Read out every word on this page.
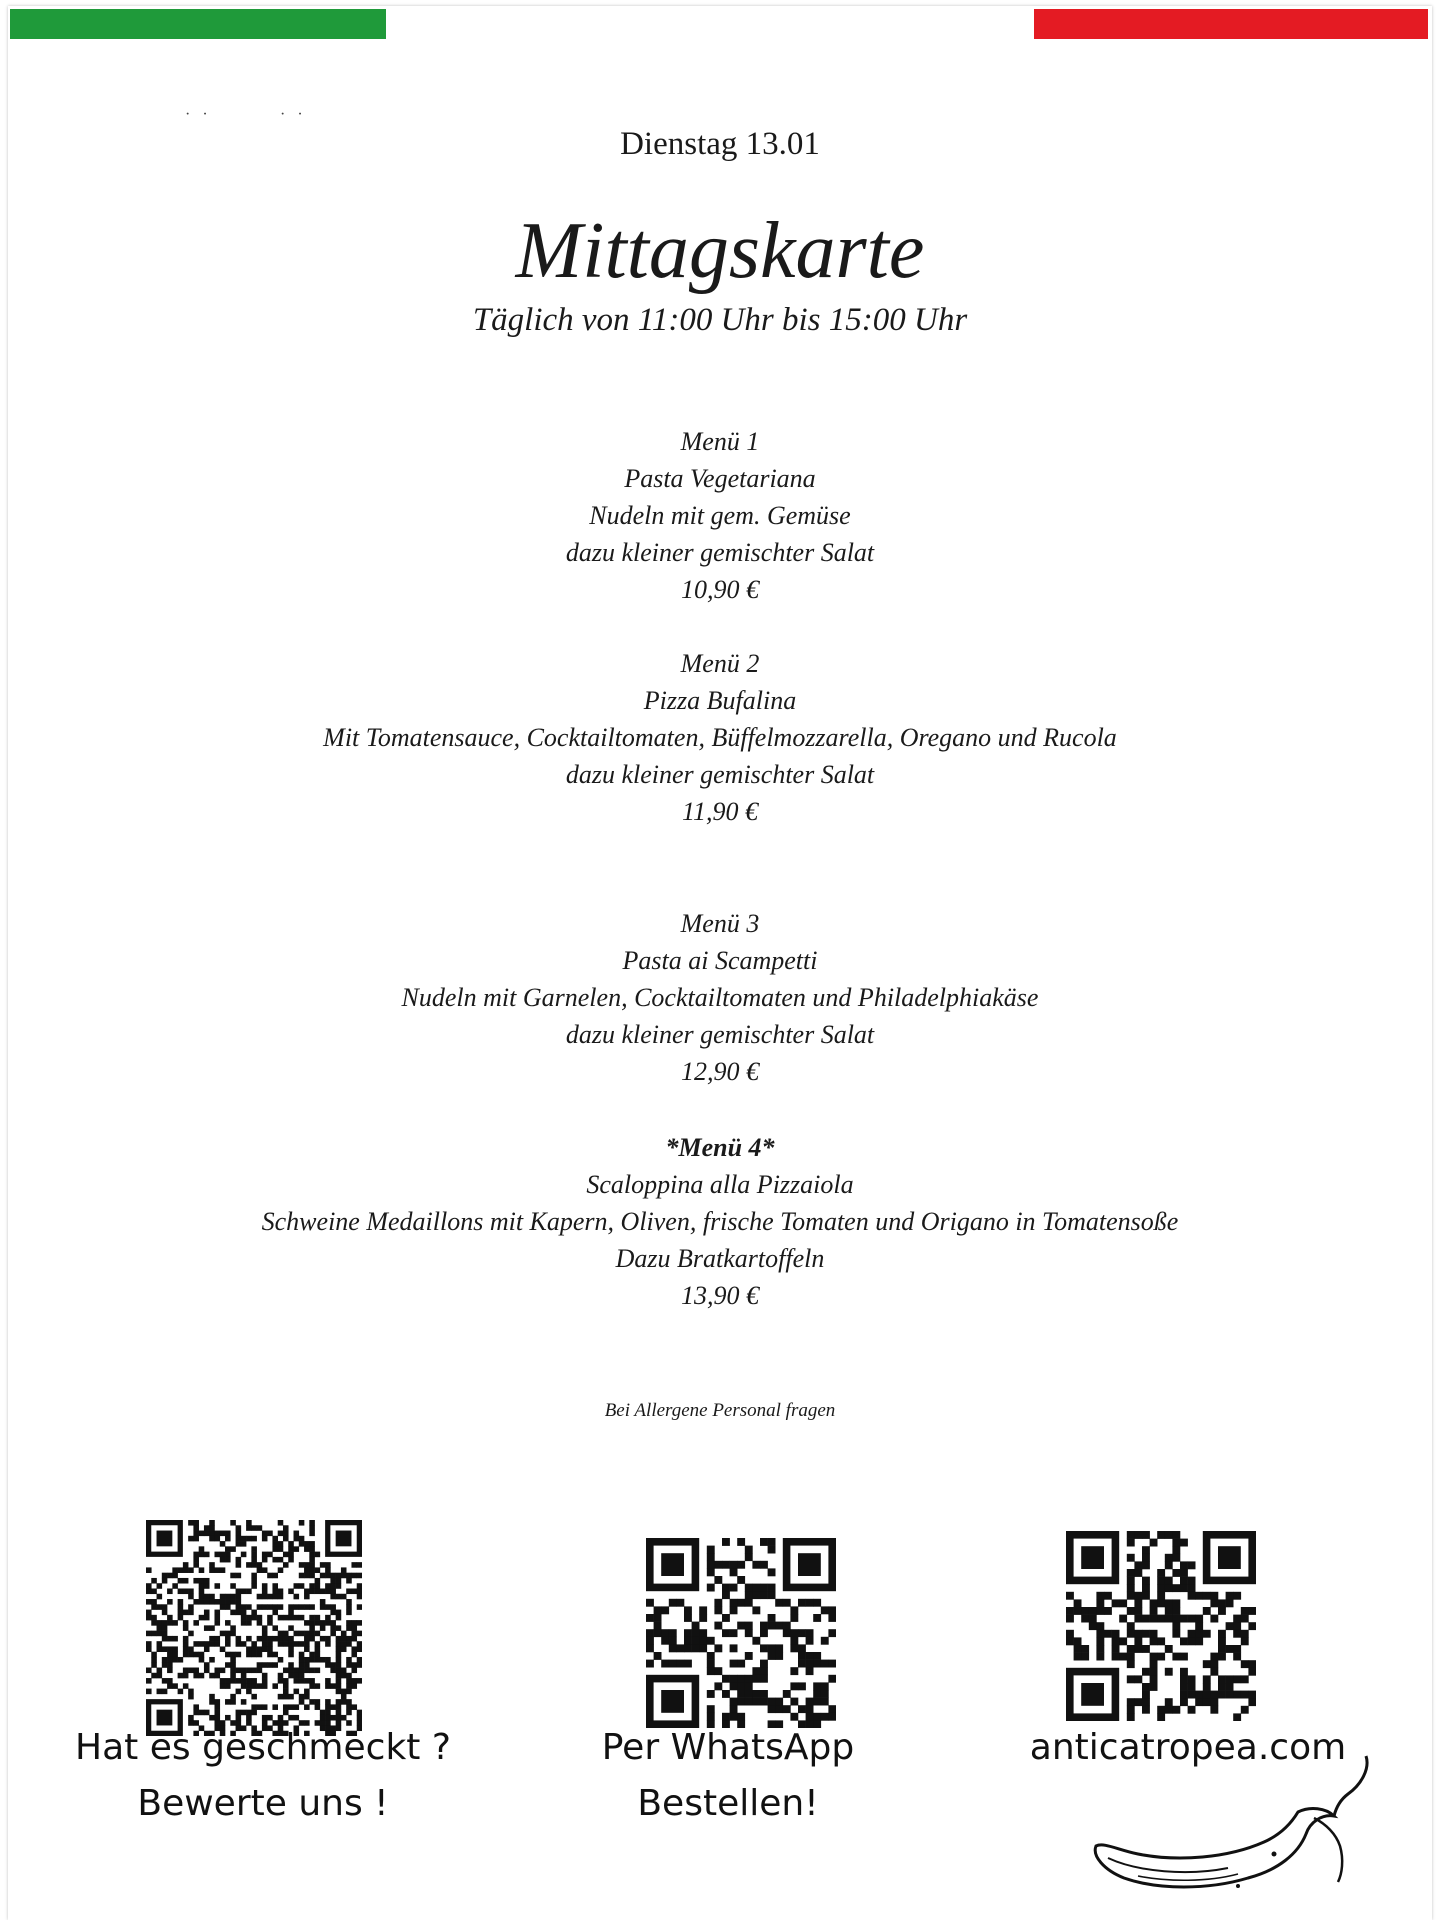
· ·	· ·
Dienstag 13.01
Mittagskarte
Täglich von 11:00 Uhr bis 15:00 Uhr
Menü 1
Pasta Vegetariana
Nudeln mit gem. Gemüse
dazu kleiner gemischter Salat
10,90 €
Menü 2
Pizza Bufalina
Mit Tomatensauce, Cocktailtomaten, Büffelmozzarella, Oregano und Rucola
dazu kleiner gemischter Salat
11,90 €
Menü 3
Pasta ai Scampetti
Nudeln mit Garnelen, Cocktailtomaten und Philadelphiakäse
dazu kleiner gemischter Salat
12,90 €
*Menü 4*
Scaloppina alla Pizzaiola
Schweine Medaillons mit Kapern, Oliven, frische Tomaten und Origano in Tomatensoße
Dazu Bratkartoffeln
13,90 €
Bei Allergene Personal fragen
Hat es geschmeckt ?
Bewerte uns !
Per WhatsApp
Bestellen!
anticatropea.com
